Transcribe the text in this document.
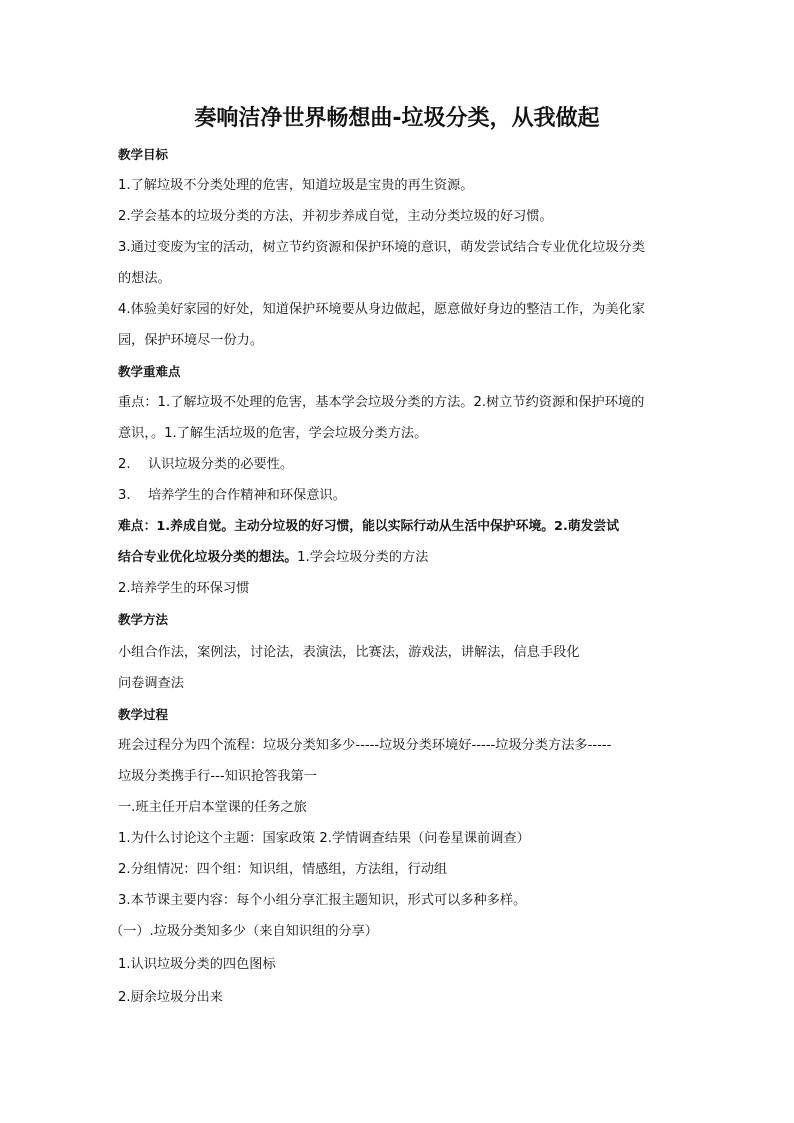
奏响洁净世界畅想曲-垃圾分类，从我做起
教学目标
1.了解垃圾不分类处理的危害，知道垃圾是宝贵的再生资源。
2.学会基本的垃圾分类的方法，并初步养成自觉，主动分类垃圾的好习惯。
3.通过变废为宝的活动，树立节约资源和保护环境的意识，萌发尝试结合专业优化垃圾分类
的想法。
4.体验美好家园的好处，知道保护环境要从身边做起，愿意做好身边的整洁工作，为美化家
园，保护环境尽一份力。
教学重难点
重点：1.了解垃圾不处理的危害，基本学会垃圾分类的方法。2.树立节约资源和保护环境的
意识，。1.了解生活垃圾的危害，学会垃圾分类方法。
2. 认识垃圾分类的必要性。
3. 培养学生的合作精神和环保意识。
难点：1.养成自觉。主动分垃圾的好习惯，能以实际行动从生活中保护环境。2.萌发尝试
结合专业优化垃圾分类的想法。1.学会垃圾分类的方法
2.培养学生的环保习惯
教学方法
小组合作法，案例法，讨论法，表演法，比赛法，游戏法，讲解法，信息手段化
问卷调查法
教学过程
班会过程分为四个流程：垃圾分类知多少-----垃圾分类环境好-----垃圾分类方法多-----
垃圾分类携手行---知识抢答我第一
一.班主任开启本堂课的任务之旅
1.为什么讨论这个主题：国家政策 2.学情调查结果（问卷星课前调查）
2.分组情况：四个组：知识组，情感组，方法组，行动组
3.本节课主要内容：每个小组分享汇报主题知识，形式可以多种多样。
（一）.垃圾分类知多少（来自知识组的分享）
1.认识垃圾分类的四色图标
2.厨余垃圾分出来
